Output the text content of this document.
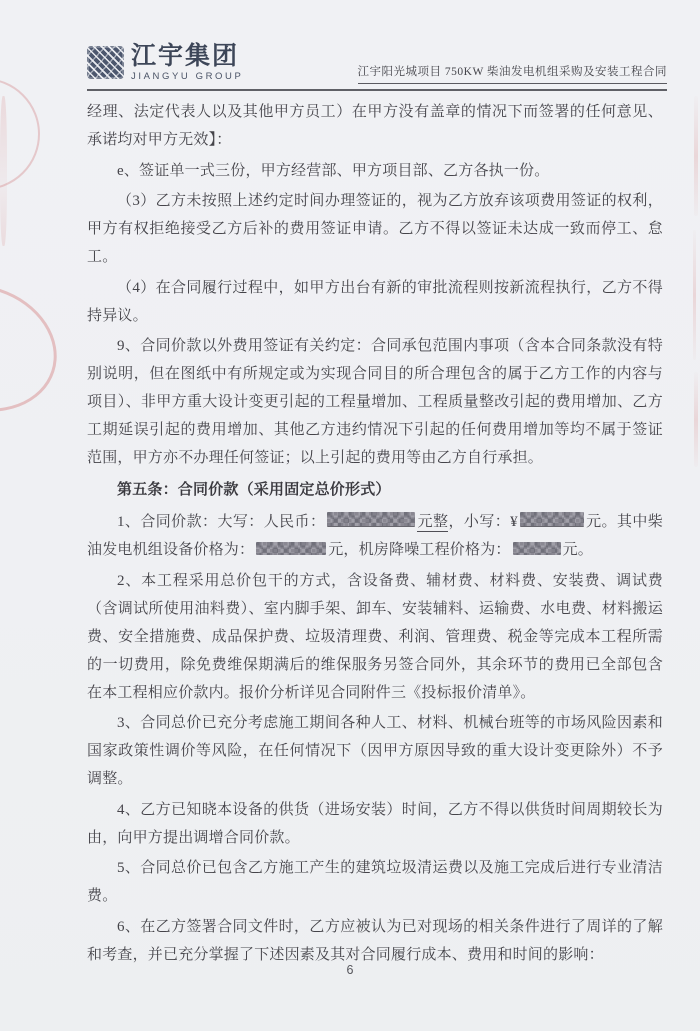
江宇集团
JIANGYU GROUP	江宇阳光城项目 750KW 柴油发电机组采购及安装工程合同

经理、法定代表人以及其他甲方员工）在甲方没有盖章的情况下而签署的任何意见、承诺均对甲方无效】：

e、签证单一式三份，甲方经营部、甲方项目部、乙方各执一份。

（3）乙方未按照上述约定时间办理签证的，视为乙方放弃该项费用签证的权利，甲方有权拒绝接受乙方后补的费用签证申请。乙方不得以签证未达成一致而停工、怠工。

（4）在合同履行过程中，如甲方出台有新的审批流程则按新流程执行，乙方不得持异议。

9、合同价款以外费用签证有关约定：合同承包范围内事项（含本合同条款没有特别说明，但在图纸中有所规定或为实现合同目的所合理包含的属于乙方工作的内容与项目）、非甲方重大设计变更引起的工程量增加、工程质量整改引起的费用增加、乙方工期延误引起的费用增加、其他乙方违约情况下引起的任何费用增加等均不属于签证范围，甲方亦不办理任何签证；以上引起的费用等由乙方自行承担。

第五条：合同价款（采用固定总价形式）

1、合同价款：大写：人民币：	元整，小写：¥	元。其中柴油发电机组设备价格为：	元，机房降噪工程价格为：	元。

2、本工程采用总价包干的方式，含设备费、辅材费、材料费、安装费、调试费（含调试所使用油料费）、室内脚手架、卸车、安装辅料、运输费、水电费、材料搬运费、安全措施费、成品保护费、垃圾清理费、利润、管理费、税金等完成本工程所需的一切费用，除免费维保期满后的维保服务另签合同外，其余环节的费用已全部包含在本工程相应价款内。报价分析详见合同附件三《投标报价清单》。

3、合同总价已充分考虑施工期间各种人工、材料、机械台班等的市场风险因素和国家政策性调价等风险，在任何情况下（因甲方原因导致的重大设计变更除外）不予调整。

4、乙方已知晓本设备的供货（进场安装）时间，乙方不得以供货时间周期较长为由，向甲方提出调增合同价款。

5、合同总价已包含乙方施工产生的建筑垃圾清运费以及施工完成后进行专业清洁费。

6、在乙方签署合同文件时，乙方应被认为已对现场的相关条件进行了周详的了解和考查，并已充分掌握了下述因素及其对合同履行成本、费用和时间的影响：

6
